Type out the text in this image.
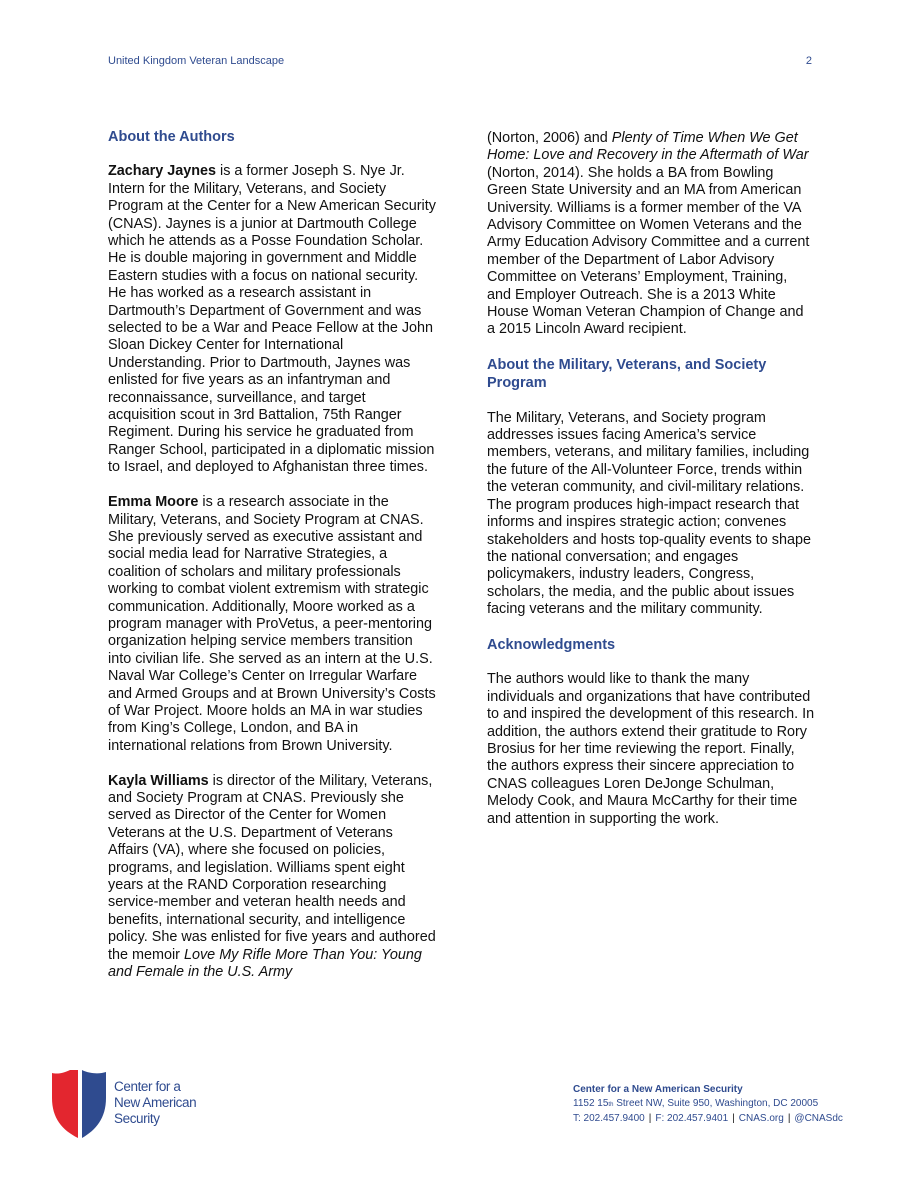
United Kingdom Veteran Landscape	2
About the Authors

Zachary Jaynes is a former Joseph S. Nye Jr. Intern for the Military, Veterans, and Society Program at the Center for a New American Security (CNAS). Jaynes is a junior at Dartmouth College which he attends as a Posse Foundation Scholar. He is double majoring in government and Middle Eastern studies with a focus on national security. He has worked as a research assistant in Dartmouth’s Department of Government and was selected to be a War and Peace Fellow at the John Sloan Dickey Center for International Understanding. Prior to Dartmouth, Jaynes was enlisted for five years as an infantryman and reconnaissance, surveillance, and target acquisition scout in 3rd Battalion, 75th Ranger Regiment. During his service he graduated from Ranger School, participated in a diplomatic mission to Israel, and deployed to Afghanistan three times.

Emma Moore is a research associate in the Military, Veterans, and Society Program at CNAS. She previously served as executive assistant and social media lead for Narrative Strategies, a coalition of scholars and military professionals working to combat violent extremism with strategic communication. Additionally, Moore worked as a program manager with ProVetus, a peer-mentoring organization helping service members transition into civilian life. She served as an intern at the U.S. Naval War College’s Center on Irregular Warfare and Armed Groups and at Brown University’s Costs of War Project. Moore holds an MA in war studies from King’s College, London, and BA in international relations from Brown University.

Kayla Williams is director of the Military, Veterans, and Society Program at CNAS. Previously she served as Director of the Center for Women Veterans at the U.S. Department of Veterans Affairs (VA), where she focused on policies, programs, and legislation. Williams spent eight years at the RAND Corporation researching service-member and veteran health needs and benefits, international security, and intelligence policy. She was enlisted for five years and authored the memoir Love My Rifle More Than You: Young and Female in the U.S. Army

(Norton, 2006) and Plenty of Time When We Get Home: Love and Recovery in the Aftermath of War (Norton, 2014). She holds a BA from Bowling Green State University and an MA from American University. Williams is a former member of the VA Advisory Committee on Women Veterans and the Army Education Advisory Committee and a current member of the Department of Labor Advisory Committee on Veterans’ Employment, Training, and Employer Outreach. She is a 2013 White House Woman Veteran Champion of Change and a 2015 Lincoln Award recipient.

About the Military, Veterans, and Society Program

The Military, Veterans, and Society program addresses issues facing America’s service members, veterans, and military families, including the future of the All-Volunteer Force, trends within the veteran community, and civil-military relations. The program produces high-impact research that informs and inspires strategic action; convenes stakeholders and hosts top-quality events to shape the national conversation; and engages policymakers, industry leaders, Congress, scholars, the media, and the public about issues facing veterans and the military community.

Acknowledgments

The authors would like to thank the many individuals and organizations that have contributed to and inspired the development of this research. In addition, the authors extend their gratitude to Rory Brosius for her time reviewing the report. Finally, the authors express their sincere appreciation to CNAS colleagues Loren DeJonge Schulman, Melody Cook, and Maura McCarthy for their time and attention in supporting the work.

Center for a
New American
Security
Center for a New American Security
1152 15th Street NW, Suite 950, Washington, DC 20005
T: 202.457.9400 | F: 202.457.9401 | CNAS.org | @CNASdc
